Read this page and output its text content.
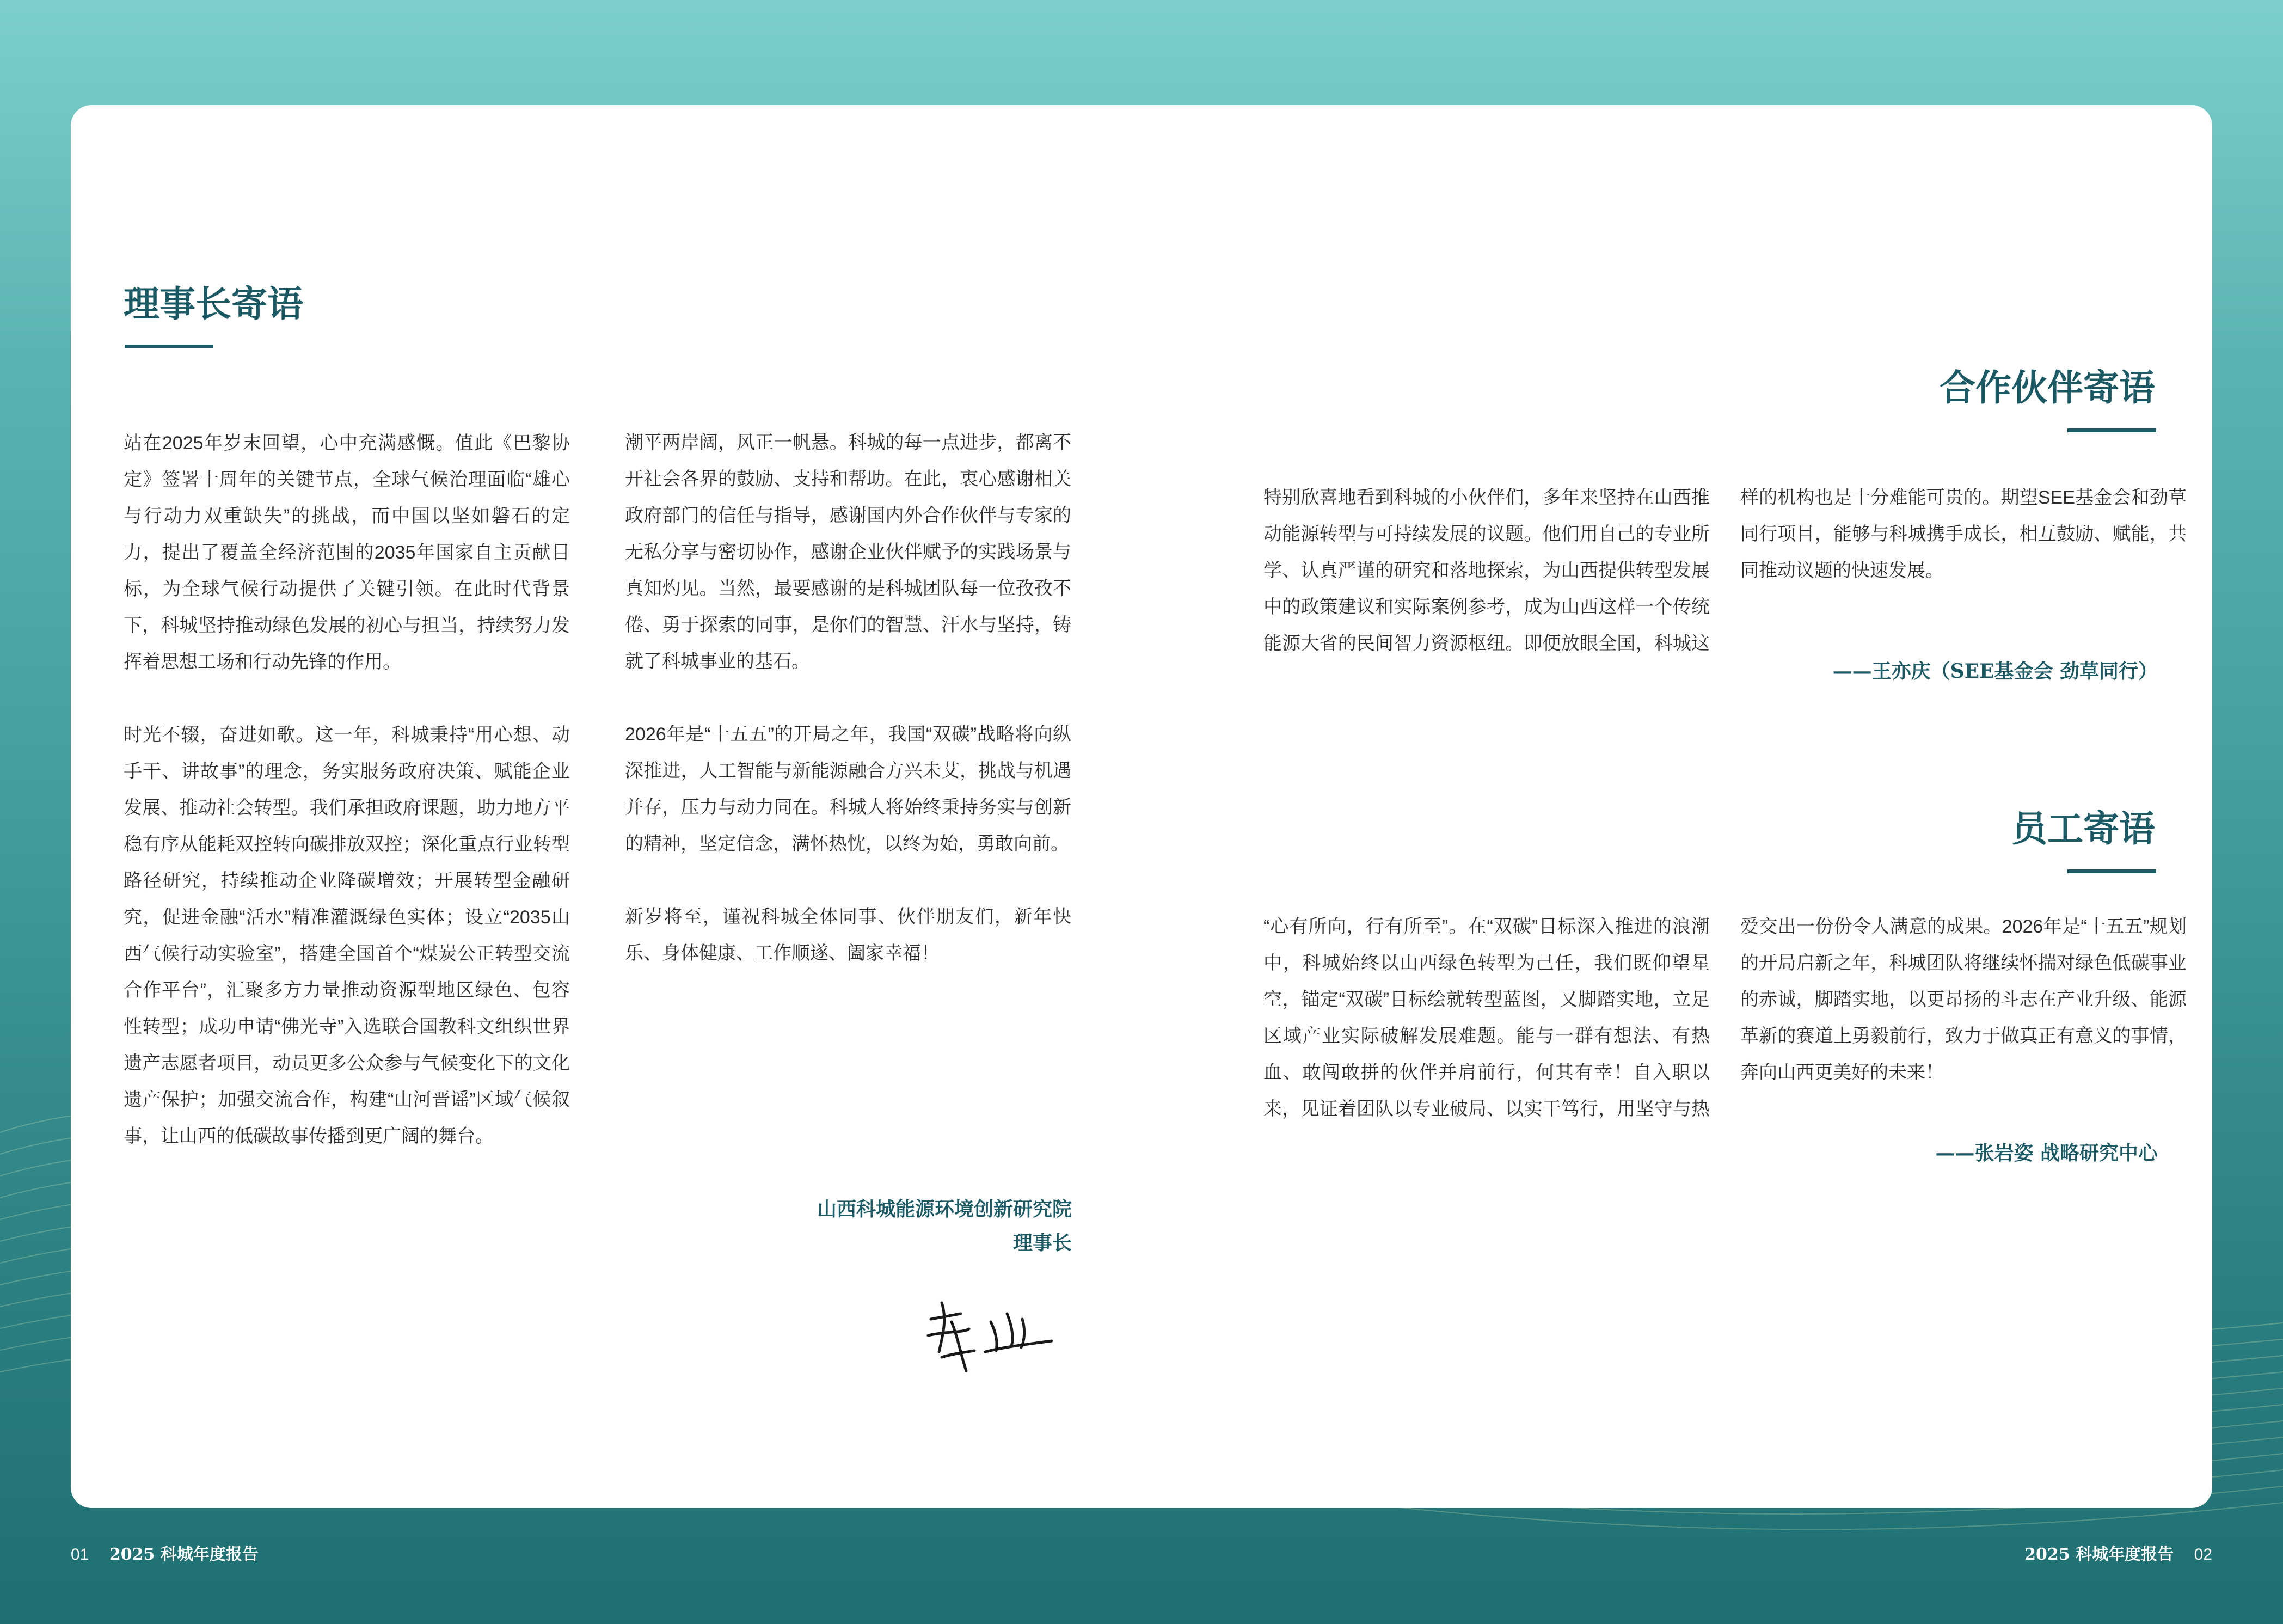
理事长寄语

站在2025年岁末回望，心中充满感慨。值此《巴黎协定》签署十周年的关键节点，全球气候治理面临“雄心与行动力双重缺失”的挑战，而中国以坚如磐石的定力，提出了覆盖全经济范围的2035年国家自主贡献目标，为全球气候行动提供了关键引领。在此时代背景下，科城坚持推动绿色发展的初心与担当，持续努力发挥着思想工场和行动先锋的作用。

时光不辍，奋进如歌。这一年，科城秉持“用心想、动手干、讲故事”的理念，务实服务政府决策、赋能企业发展、推动社会转型。我们承担政府课题，助力地方平稳有序从能耗双控转向碳排放双控；深化重点行业转型路径研究，持续推动企业降碳增效；开展转型金融研究，促进金融“活水”精准灌溉绿色实体；设立“2035山西气候行动实验室”，搭建全国首个“煤炭公正转型交流合作平台”，汇聚多方力量推动资源型地区绿色、包容性转型；成功申请“佛光寺”入选联合国教科文组织世界遗产志愿者项目，动员更多公众参与气候变化下的文化遗产保护；加强交流合作，构建“山河晋谣”区域气候叙事，让山西的低碳故事传播到更广阔的舞台。

潮平两岸阔，风正一帆悬。科城的每一点进步，都离不开社会各界的鼓励、支持和帮助。在此，衷心感谢相关政府部门的信任与指导，感谢国内外合作伙伴与专家的无私分享与密切协作，感谢企业伙伴赋予的实践场景与真知灼见。当然，最要感谢的是科城团队每一位孜孜不倦、勇于探索的同事，是你们的智慧、汗水与坚持，铸就了科城事业的基石。

2026年是“十五五”的开局之年，我国“双碳”战略将向纵深推进，人工智能与新能源融合方兴未艾，挑战与机遇并存，压力与动力同在。科城人将始终秉持务实与创新的精神，坚定信念，满怀热忱，以终为始，勇敢向前。

新岁将至，谨祝科城全体同事、伙伴朋友们，新年快乐、身体健康、工作顺遂、阖家幸福！

山西科城能源环境创新研究院
理事长
合作伙伴寄语

特别欣喜地看到科城的小伙伴们，多年来坚持在山西推动能源转型与可持续发展的议题。他们用自己的专业所学、认真严谨的研究和落地探索，为山西提供转型发展中的政策建议和实际案例参考，成为山西这样一个传统能源大省的民间智力资源枢纽。即便放眼全国，科城这

样的机构也是十分难能可贵的。期望SEE基金会和劲草同行项目，能够与科城携手成长，相互鼓励、赋能，共同推动议题的快速发展。

——王亦庆（SEE基金会 劲草同行）
员工寄语

“心有所向，行有所至”。在“双碳”目标深入推进的浪潮中，科城始终以山西绿色转型为己任，我们既仰望星空，锚定“双碳”目标绘就转型蓝图，又脚踏实地，立足区域产业实际破解发展难题。能与一群有想法、有热血、敢闯敢拼的伙伴并肩前行，何其有幸！自入职以来，见证着团队以专业破局、以实干笃行，用坚守与热

爱交出一份份令人满意的成果。2026年是“十五五”规划的开局启新之年，科城团队将继续怀揣对绿色低碳事业的赤诚，脚踏实地，以更昂扬的斗志在产业升级、能源革新的赛道上勇毅前行，致力于做真正有意义的事情，奔向山西更美好的未来！

——张岩姿 战略研究中心
01 2025 科城年度报告	2025 科城年度报告 02
